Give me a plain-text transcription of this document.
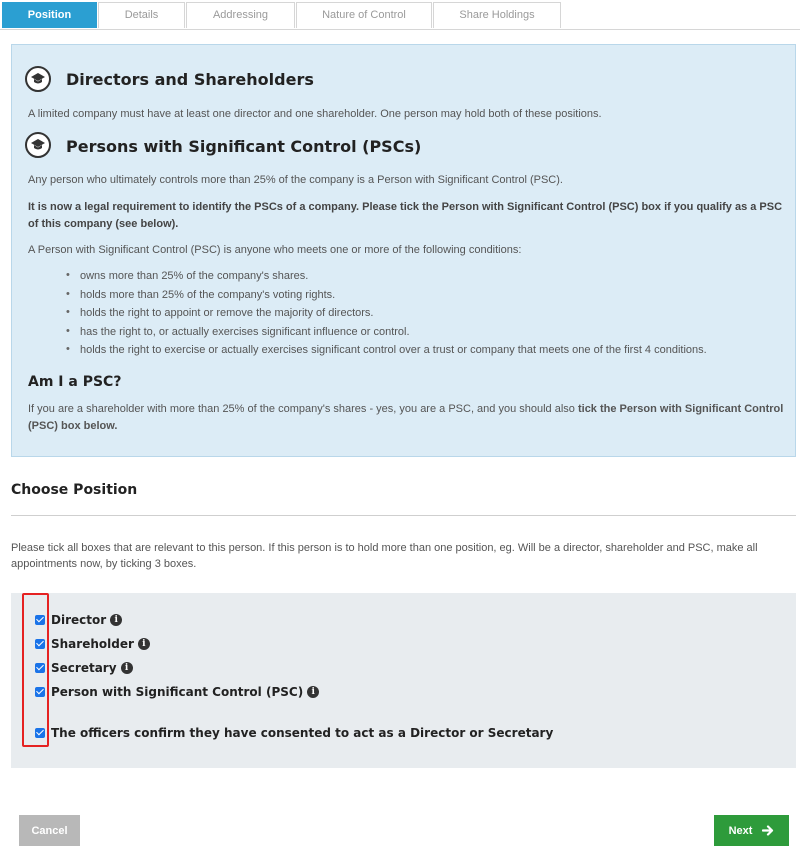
Position	Details	Addressing	Nature of Control	Share Holdings
Directors and Shareholders

A limited company must have at least one director and one shareholder. One person may hold both of these positions.

Persons with Significant Control (PSCs)

Any person who ultimately controls more than 25% of the company is a Person with Significant Control (PSC).

It is now a legal requirement to identify the PSCs of a company. Please tick the Person with Significant Control (PSC) box if you qualify as a PSC of this company (see below).

A Person with Significant Control (PSC) is anyone who meets one or more of the following conditions:

• owns more than 25% of the company's shares.
• holds more than 25% of the company's voting rights.
• holds the right to appoint or remove the majority of directors.
• has the right to, or actually exercises significant influence or control.
• holds the right to exercise or actually exercises significant control over a trust or company that meets one of the first 4 conditions.
Am I a PSC?

If you are a shareholder with more than 25% of the company's shares - yes, you are a PSC, and you should also tick the Person with Significant Control (PSC) box below.

Choose Position
Please tick all boxes that are relevant to this person. If this person is to hold more than one position, eg. Will be a director, shareholder and PSC, make all appointments now, by ticking 3 boxes.
Director i
Shareholder i
Secretary i
Person with Significant Control (PSC) i
The officers confirm they have consented to act as a Director or Secretary
Cancel	Next
